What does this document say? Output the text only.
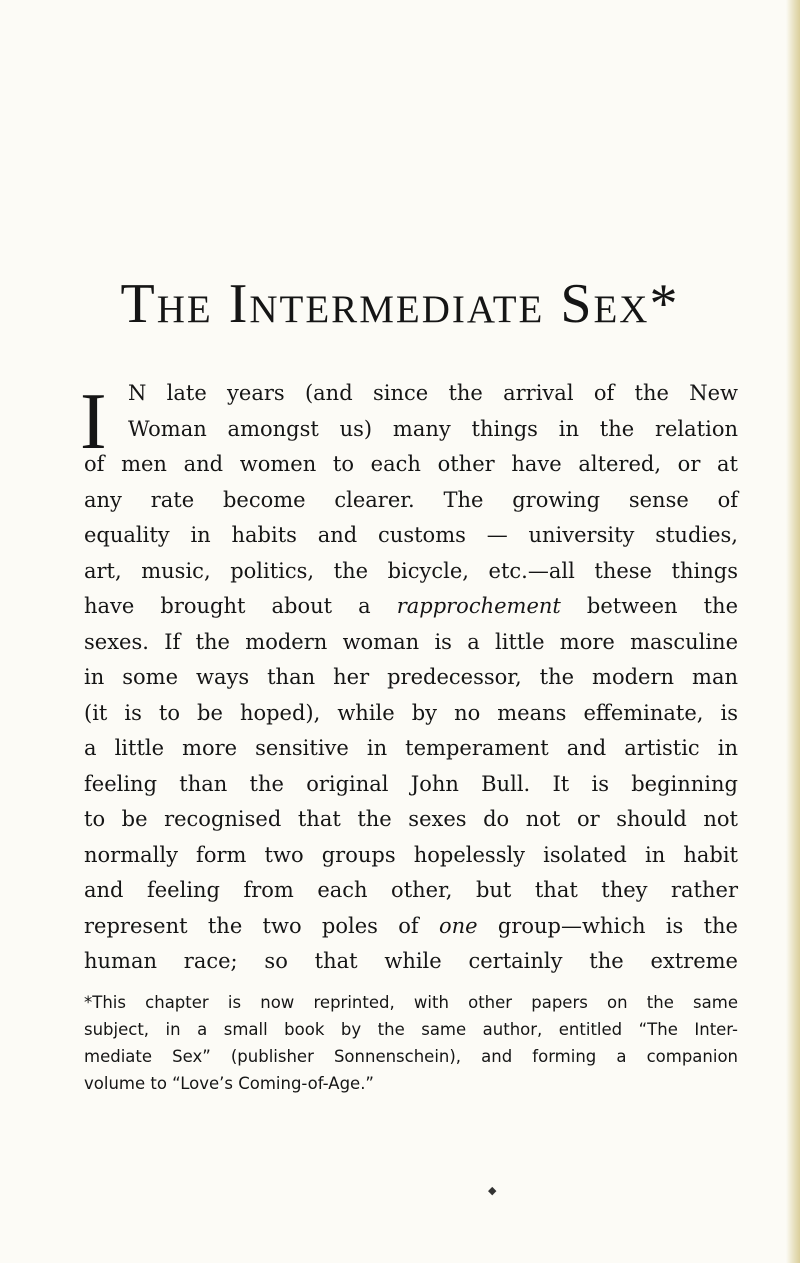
The Intermediate Sex*
I	N late years (and since the arrival of the New
Woman amongst us) many things in the relation
of men and women to each other have altered, or at
any rate become clearer. The growing sense of
equality in habits and customs — university studies,
art, music, politics, the bicycle, etc.—all these things
have brought about a rapprochement between the
sexes. If the modern woman is a little more masculine
in some ways than her predecessor, the modern man
(it is to be hoped), while by no means effeminate, is
a little more sensitive in temperament and artistic in
feeling than the original John Bull. It is beginning
to be recognised that the sexes do not or should not
normally form two groups hopelessly isolated in habit
and feeling from each other, but that they rather
represent the two poles of one group—which is the
human race; so that while certainly the extreme
*This chapter is now reprinted, with other papers on the same
subject, in a small book by the same author, entitled “The Inter-
mediate Sex” (publisher Sonnenschein), and forming a companion
volume to “Love’s Coming-of-Age.”
◆
